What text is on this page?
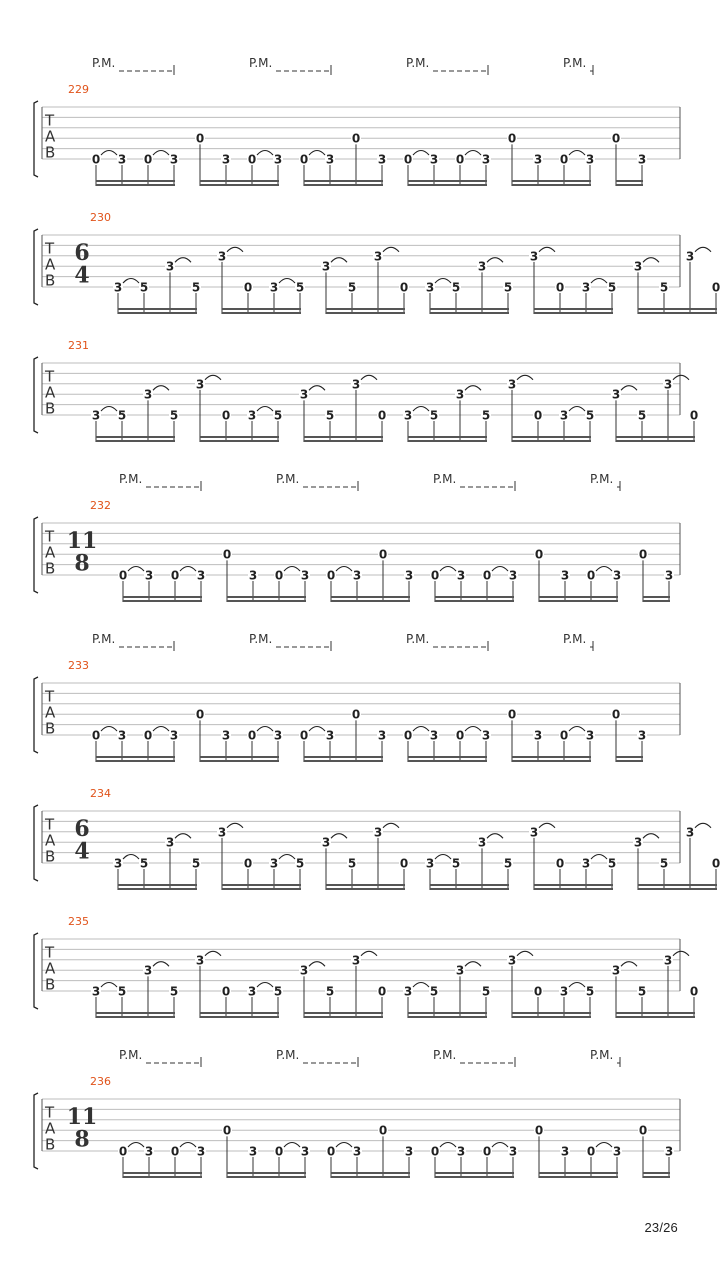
P.M.	P.M.	P.M.	P.M.
229
T
A
B	0 3 0 3
0
3 0 3 0 3
0
3 0 3 0 3
0
3 0 3
0
3
230
T
A
B
6
4 3 5
3
5
3
0 3 5
3
5
3
0 3 5
3
5
3
0 3 5
3
5
3
0
231
T
A
B	3 5
3
5
3
0 3 5
3
5
3
0 3 5
3
5
3
0 3 5
3
5
3
0
P.M.	P.M.	P.M.	P.M.
232
T
A
B
11
8 0 3 0 3
0
3 0 3 0 3
0
3 0 3 0 3
0
3 0 3
0
3
P.M.	P.M.	P.M.	P.M.
233
T
A
B	0 3 0 3
0
3 0 3 0 3
0
3 0 3 0 3
0
3 0 3
0
3
234
T
A
B
6
4 3 5
3
5
3
0 3 5
3
5
3
0 3 5
3
5
3
0 3 5
3
5
3
0
235
T
A
B	3 5
3
5
3
0 3 5
3
5
3
0 3 5
3
5
3
0 3 5
3
5
3
0
P.M.	P.M.	P.M.	P.M.
236
T
A
B
11
8 0 3 0 3
0
3 0 3 0 3
0
3 0 3 0 3
0
3 0 3
0
3
23/26
